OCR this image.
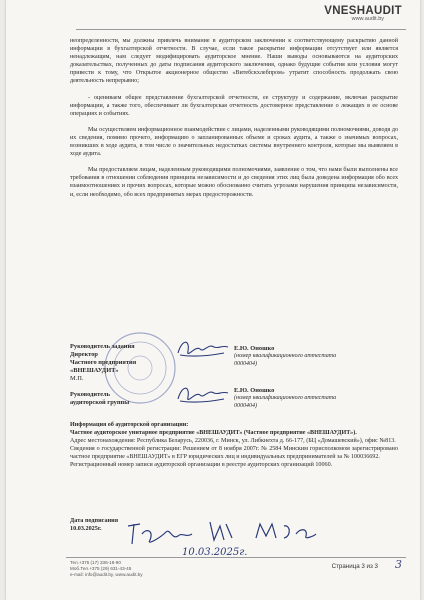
VNESHAUDIT
www.audit.by

неопределенности, мы должны привлечь внимание в аудиторском заключении к соответствующему раскрытию данной информации в бухгалтерской отчетности. В случае, если такое раскрытие информации отсутствует или является ненадлежащим, нам следует модифицировать аудиторское мнение. Наши выводы основываются на аудиторских доказательствах, полученных до даты подписания аудиторского заключения, однако будущие события или условия могут привести к тому, что Открытое акционерное общество «Витебскхлебпром» утратит способность продолжать свою деятельность непрерывно;

- оцениваем общее представление бухгалтерской отчетности, ее структуру и содержание, включая раскрытие информации, а также того, обеспечивает ли бухгалтерская отчетность достоверное представление о лежащих в ее основе операциях и событиях.

Мы осуществляем информационное взаимодействие с лицами, наделенными руководящими полномочиями, доводя до их сведения, помимо прочего, информацию о запланированных объеме и сроках аудита, а также о значимых вопросах, возникших в ходе аудита, в том числе о значительных недостатках системы внутреннего контроля, которые мы выявляем в ходе аудита.

Мы предоставляем лицам, наделенным руководящими полномочиями, заявление о том, что нами были выполнены все требования в отношении соблюдения принципа независимости и до сведения этих лиц была доведена информация обо всех взаимоотношениях и прочих вопросах, которые можно обоснованно считать угрозами нарушения принципа независимости, и, если необходимо, обо всех предпринятых мерах предосторожности.

Руководитель задания
Директор
Частного предприятия
«ВНЕШАУДИТ»
М.П.
Е.Ю. Оношко
(номер квалификационного аттестата 0000404)
Руководитель
аудиторской группы
Е.Ю. Оношко
(номер квалификационного аттестата 0000404)

Информация об аудиторской организации:

Частное аудиторское унитарное предприятие «ВНЕШАУДИТ» (Частное предприятие «ВНЕШАУДИТ»).

Адрес местонахождения: Республика Беларусь, 220036, г. Минск, ул. Либкнехта д. 66-177, (БЦ «Домашевский»), офис №813.

Сведения о государственной регистрации: Решением от 8 ноября 2007г. № 2584 Минским горисполкомом зарегистрировано частное предприятие «ВНЕШАУДИТ» в ЕГР юридических лиц и индивидуальных предпринимателей за № 100036692.

Регистрационный номер записи аудиторской организации в реестре аудиторских организаций 10060.

Дата подписания
10.03.2025г.
10.03.2025г.
Тел.+375 (17) 336-18-90
Моб.Тел.+375 (29) 631-43-45
e-mail: info@audit.by, www.audit.by
Страница 3 из 3 3
